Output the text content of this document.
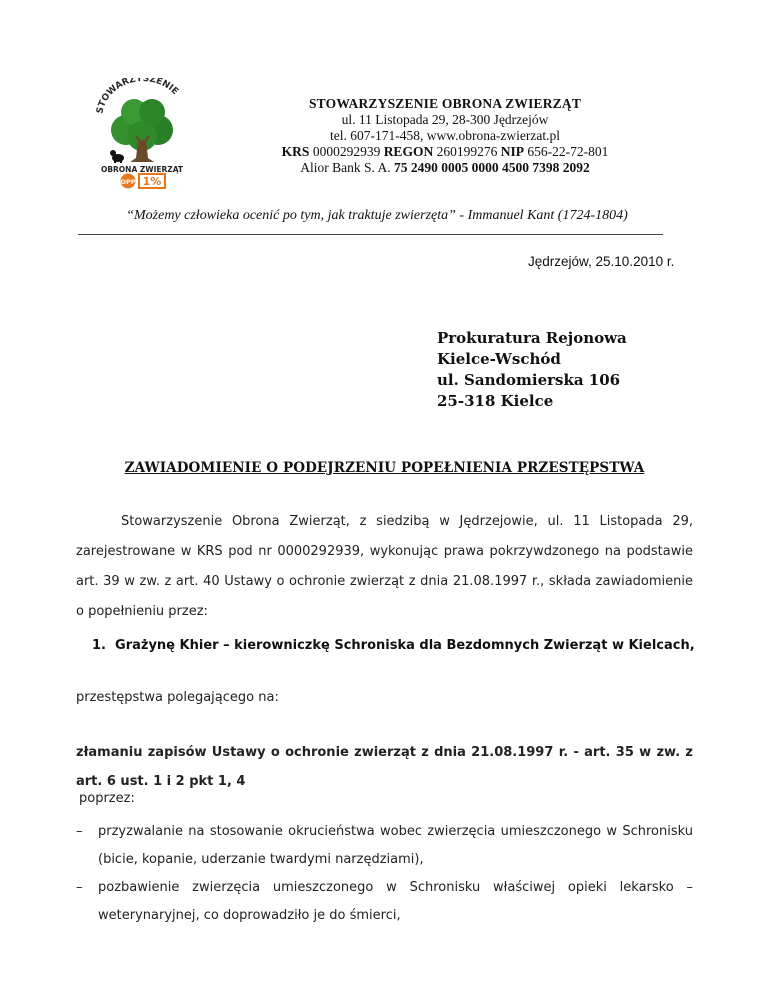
STOWARZYSZENIE
OBRONA ZWIERZĄT
OPP 1%
STOWARZYSZENIE OBRONA ZWIERZĄT
ul. 11 Listopada 29, 28-300 Jędrzejów
tel. 607-171-458, www.obrona-zwierzat.pl
KRS 0000292939 REGON 260199276 NIP 656-22-72-801
Alior Bank S. A. 75 2490 0005 0000 4500 7398 2092
“Możemy człowieka ocenić po tym, jak traktuje zwierzęta” - Immanuel Kant (1724-1804)
Jędrzejów, 25.10.2010 r.
Prokuratura Rejonowa
Kielce-Wschód
ul. Sandomierska 106
25-318 Kielce
ZAWIADOMIENIE O PODEJRZENIU POPEŁNIENIA PRZESTĘPSTWA
Stowarzyszenie Obrona Zwierząt, z siedzibą w Jędrzejowie, ul. 11 Listopada 29, zarejestrowane w KRS pod nr 0000292939, wykonując prawa pokrzywdzonego na podstawie art. 39 w zw. z art. 40 Ustawy o ochronie zwierząt z dnia 21.08.1997 r., składa zawiadomienie o popełnieniu przez:
1.  Grażynę Khier – kierowniczkę Schroniska dla Bezdomnych Zwierząt w Kielcach,
przestępstwa polegającego na:
złamaniu zapisów Ustawy o ochronie zwierząt z dnia 21.08.1997 r. - art. 35 w zw. z art. 6 ust. 1 i 2 pkt 1, 4
poprzez:
– przyzwalanie na stosowanie okrucieństwa wobec zwierzęcia umieszczonego w Schronisku (bicie, kopanie, uderzanie twardymi narzędziami),
– pozbawienie zwierzęcia umieszczonego w Schronisku właściwej opieki lekarsko – weterynaryjnej, co doprowadziło je do śmierci,
